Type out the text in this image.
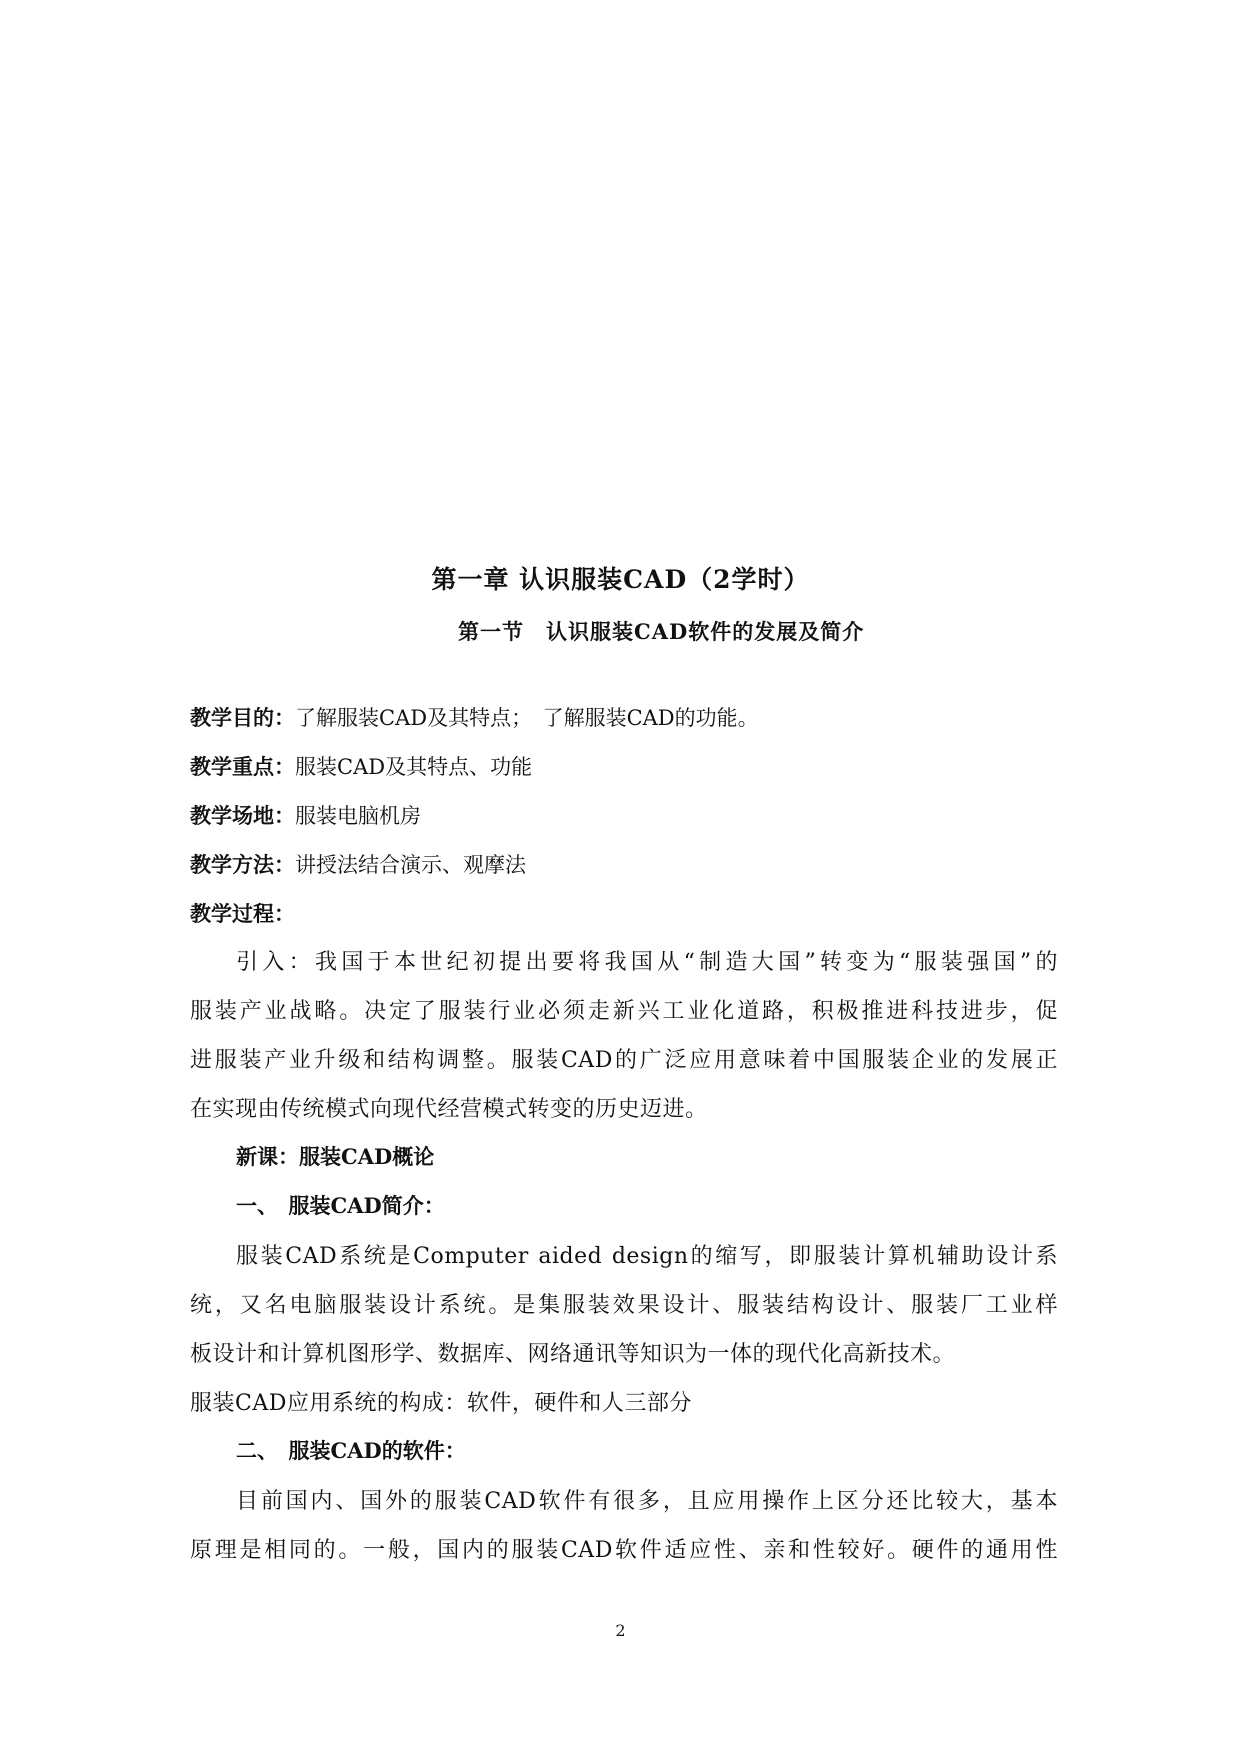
第一章 认识服装CAD（2学时）
第一节　认识服装CAD软件的发展及简介
教学目的：了解服装CAD及其特点；　了解服装CAD的功能。
教学重点：服装CAD及其特点、功能
教学场地：服装电脑机房
教学方法：讲授法结合演示、观摩法
教学过程：
引入：我国于本世纪初提出要将我国从“制造大国”转变为“服装强国”的
服装产业战略。决定了服装行业必须走新兴工业化道路，积极推进科技进步，促
进服装产业升级和结构调整。服装CAD的广泛应用意味着中国服装企业的发展正
在实现由传统模式向现代经营模式转变的历史迈进。
新课：服装CAD概论
一、　服装CAD简介：
服装CAD系统是Computer aided design的缩写，即服装计算机辅助设计系
统，又名电脑服装设计系统。是集服装效果设计、服装结构设计、服装厂工业样
板设计和计算机图形学、数据库、网络通讯等知识为一体的现代化高新技术。
服装CAD应用系统的构成：软件，硬件和人三部分
二、　服装CAD的软件：
目前国内、国外的服装CAD软件有很多，且应用操作上区分还比较大，基本
原理是相同的。一般，国内的服装CAD软件适应性、亲和性较好。硬件的通用性
2
